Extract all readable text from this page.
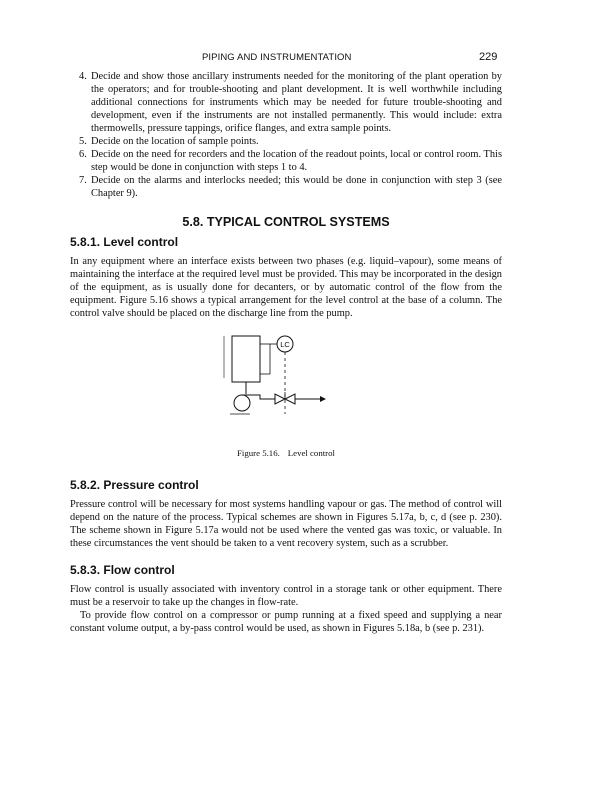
PIPING AND INSTRUMENTATION	229
4. Decide and show those ancillary instruments needed for the monitoring of the plant operation by the operators; and for trouble-shooting and plant development. It is well worthwhile including additional connections for instruments which may be needed for future trouble-shooting and development, even if the instruments are not installed permanently. This would include: extra thermowells, pressure tappings, orifice flanges, and extra sample points.
5. Decide on the location of sample points.
6. Decide on the need for recorders and the location of the readout points, local or control room. This step would be done in conjunction with steps 1 to 4.
7. Decide on the alarms and interlocks needed; this would be done in conjunction with step 3 (see Chapter 9).
5.8. TYPICAL CONTROL SYSTEMS
5.8.1. Level control

In any equipment where an interface exists between two phases (e.g. liquid–vapour), some means of maintaining the interface at the required level must be provided. This may be incorporated in the design of the equipment, as is usually done for decanters, or by automatic control of the flow from the equipment. Figure 5.16 shows a typical arrangement for the level control at the base of a column. The control valve should be placed on the discharge line from the pump.

LC
Figure 5.16. Level control
5.8.2. Pressure control

Pressure control will be necessary for most systems handling vapour or gas. The method of control will depend on the nature of the process. Typical schemes are shown in Figures 5.17a, b, c, d (see p. 230). The scheme shown in Figure 5.17a would not be used where the vented gas was toxic, or valuable. In these circumstances the vent should be taken to a vent recovery system, such as a scrubber.

5.8.3. Flow control

Flow control is usually associated with inventory control in a storage tank or other equipment. There must be a reservoir to take up the changes in flow-rate.

To provide flow control on a compressor or pump running at a fixed speed and supplying a near constant volume output, a by-pass control would be used, as shown in Figures 5.18a, b (see p. 231).
